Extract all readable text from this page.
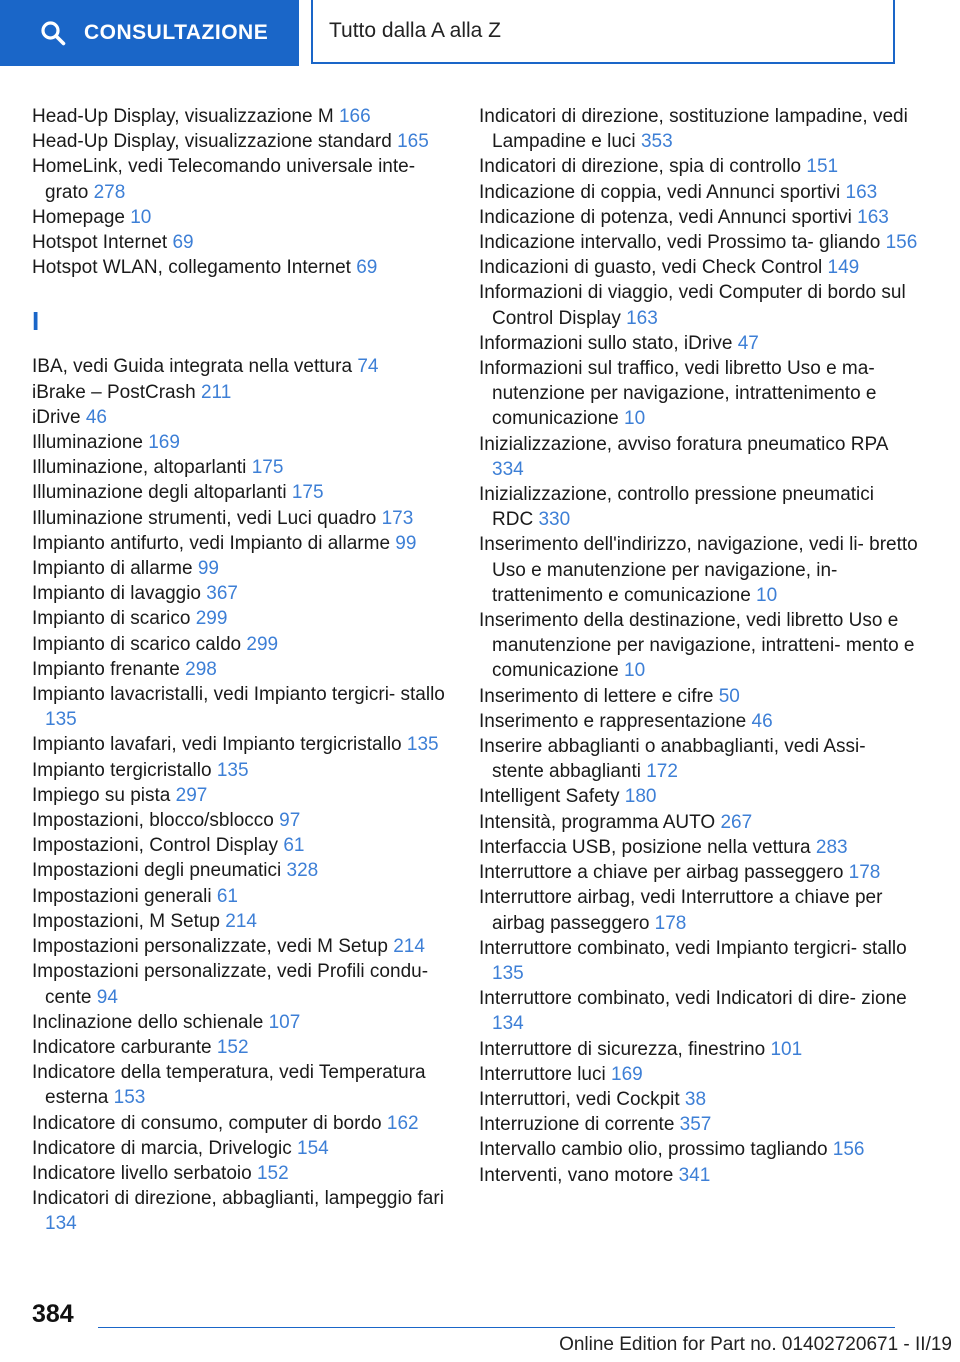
CONSULTAZIONE	Tutto dalla A alla Z
Head-Up Display, visualizzazione M 166
Head-Up Display, visualizzazione standard 165
HomeLink, vedi Telecomando universale inte- grato 278
Homepage 10
Hotspot Internet 69
Hotspot WLAN, collegamento Internet 69
I
IBA, vedi Guida integrata nella vettura 74
iBrake – PostCrash 211
iDrive 46
Illuminazione 169
Illuminazione, altoparlanti 175
Illuminazione degli altoparlanti 175
Illuminazione strumenti, vedi Luci quadro 173
Impianto antifurto, vedi Impianto di allarme 99
Impianto di allarme 99
Impianto di lavaggio 367
Impianto di scarico 299
Impianto di scarico caldo 299
Impianto frenante 298
Impianto lavacristalli, vedi Impianto tergicri- stallo 135
Impianto lavafari, vedi Impianto tergicristallo 135
Impianto tergicristallo 135
Impiego su pista 297
Impostazioni, blocco/sblocco 97
Impostazioni, Control Display 61
Impostazioni degli pneumatici 328
Impostazioni generali 61
Impostazioni, M Setup 214
Impostazioni personalizzate, vedi M Setup 214
Impostazioni personalizzate, vedi Profili condu- cente 94
Inclinazione dello schienale 107
Indicatore carburante 152
Indicatore della temperatura, vedi Temperatura esterna 153
Indicatore di consumo, computer di bordo 162
Indicatore di marcia, Drivelogic 154
Indicatore livello serbatoio 152
Indicatori di direzione, abbaglianti, lampeggio fari 134
Indicatori di direzione, sostituzione lampadine, vedi Lampadine e luci 353
Indicatori di direzione, spia di controllo 151
Indicazione di coppia, vedi Annunci sportivi 163
Indicazione di potenza, vedi Annunci sportivi 163
Indicazione intervallo, vedi Prossimo ta- gliando 156
Indicazioni di guasto, vedi Check Control 149
Informazioni di viaggio, vedi Computer di bordo sul Control Display 163
Informazioni sullo stato, iDrive 47
Informazioni sul traffico, vedi libretto Uso e ma- nutenzione per navigazione, intrattenimento e comunicazione 10
Inizializzazione, avviso foratura pneumatico RPA 334
Inizializzazione, controllo pressione pneumatici RDC 330
Inserimento dell'indirizzo, navigazione, vedi li- bretto Uso e manutenzione per navigazione, in- trattenimento e comunicazione 10
Inserimento della destinazione, vedi libretto Uso e manutenzione per navigazione, intratteni- mento e comunicazione 10
Inserimento di lettere e cifre 50
Inserimento e rappresentazione 46
Inserire abbaglianti o anabbaglianti, vedi Assi- stente abbaglianti 172
Intelligent Safety 180
Intensità, programma AUTO 267
Interfaccia USB, posizione nella vettura 283
Interruttore a chiave per airbag passeggero 178
Interruttore airbag, vedi Interruttore a chiave per airbag passeggero 178
Interruttore combinato, vedi Impianto tergicri- stallo 135
Interruttore combinato, vedi Indicatori di dire- zione 134
Interruttore di sicurezza, finestrino 101
Interruttore luci 169
Interruttori, vedi Cockpit 38
Interruzione di corrente 357
Intervallo cambio olio, prossimo tagliando 156
Interventi, vano motore 341
384
Online Edition for Part no. 01402720671 - II/19
